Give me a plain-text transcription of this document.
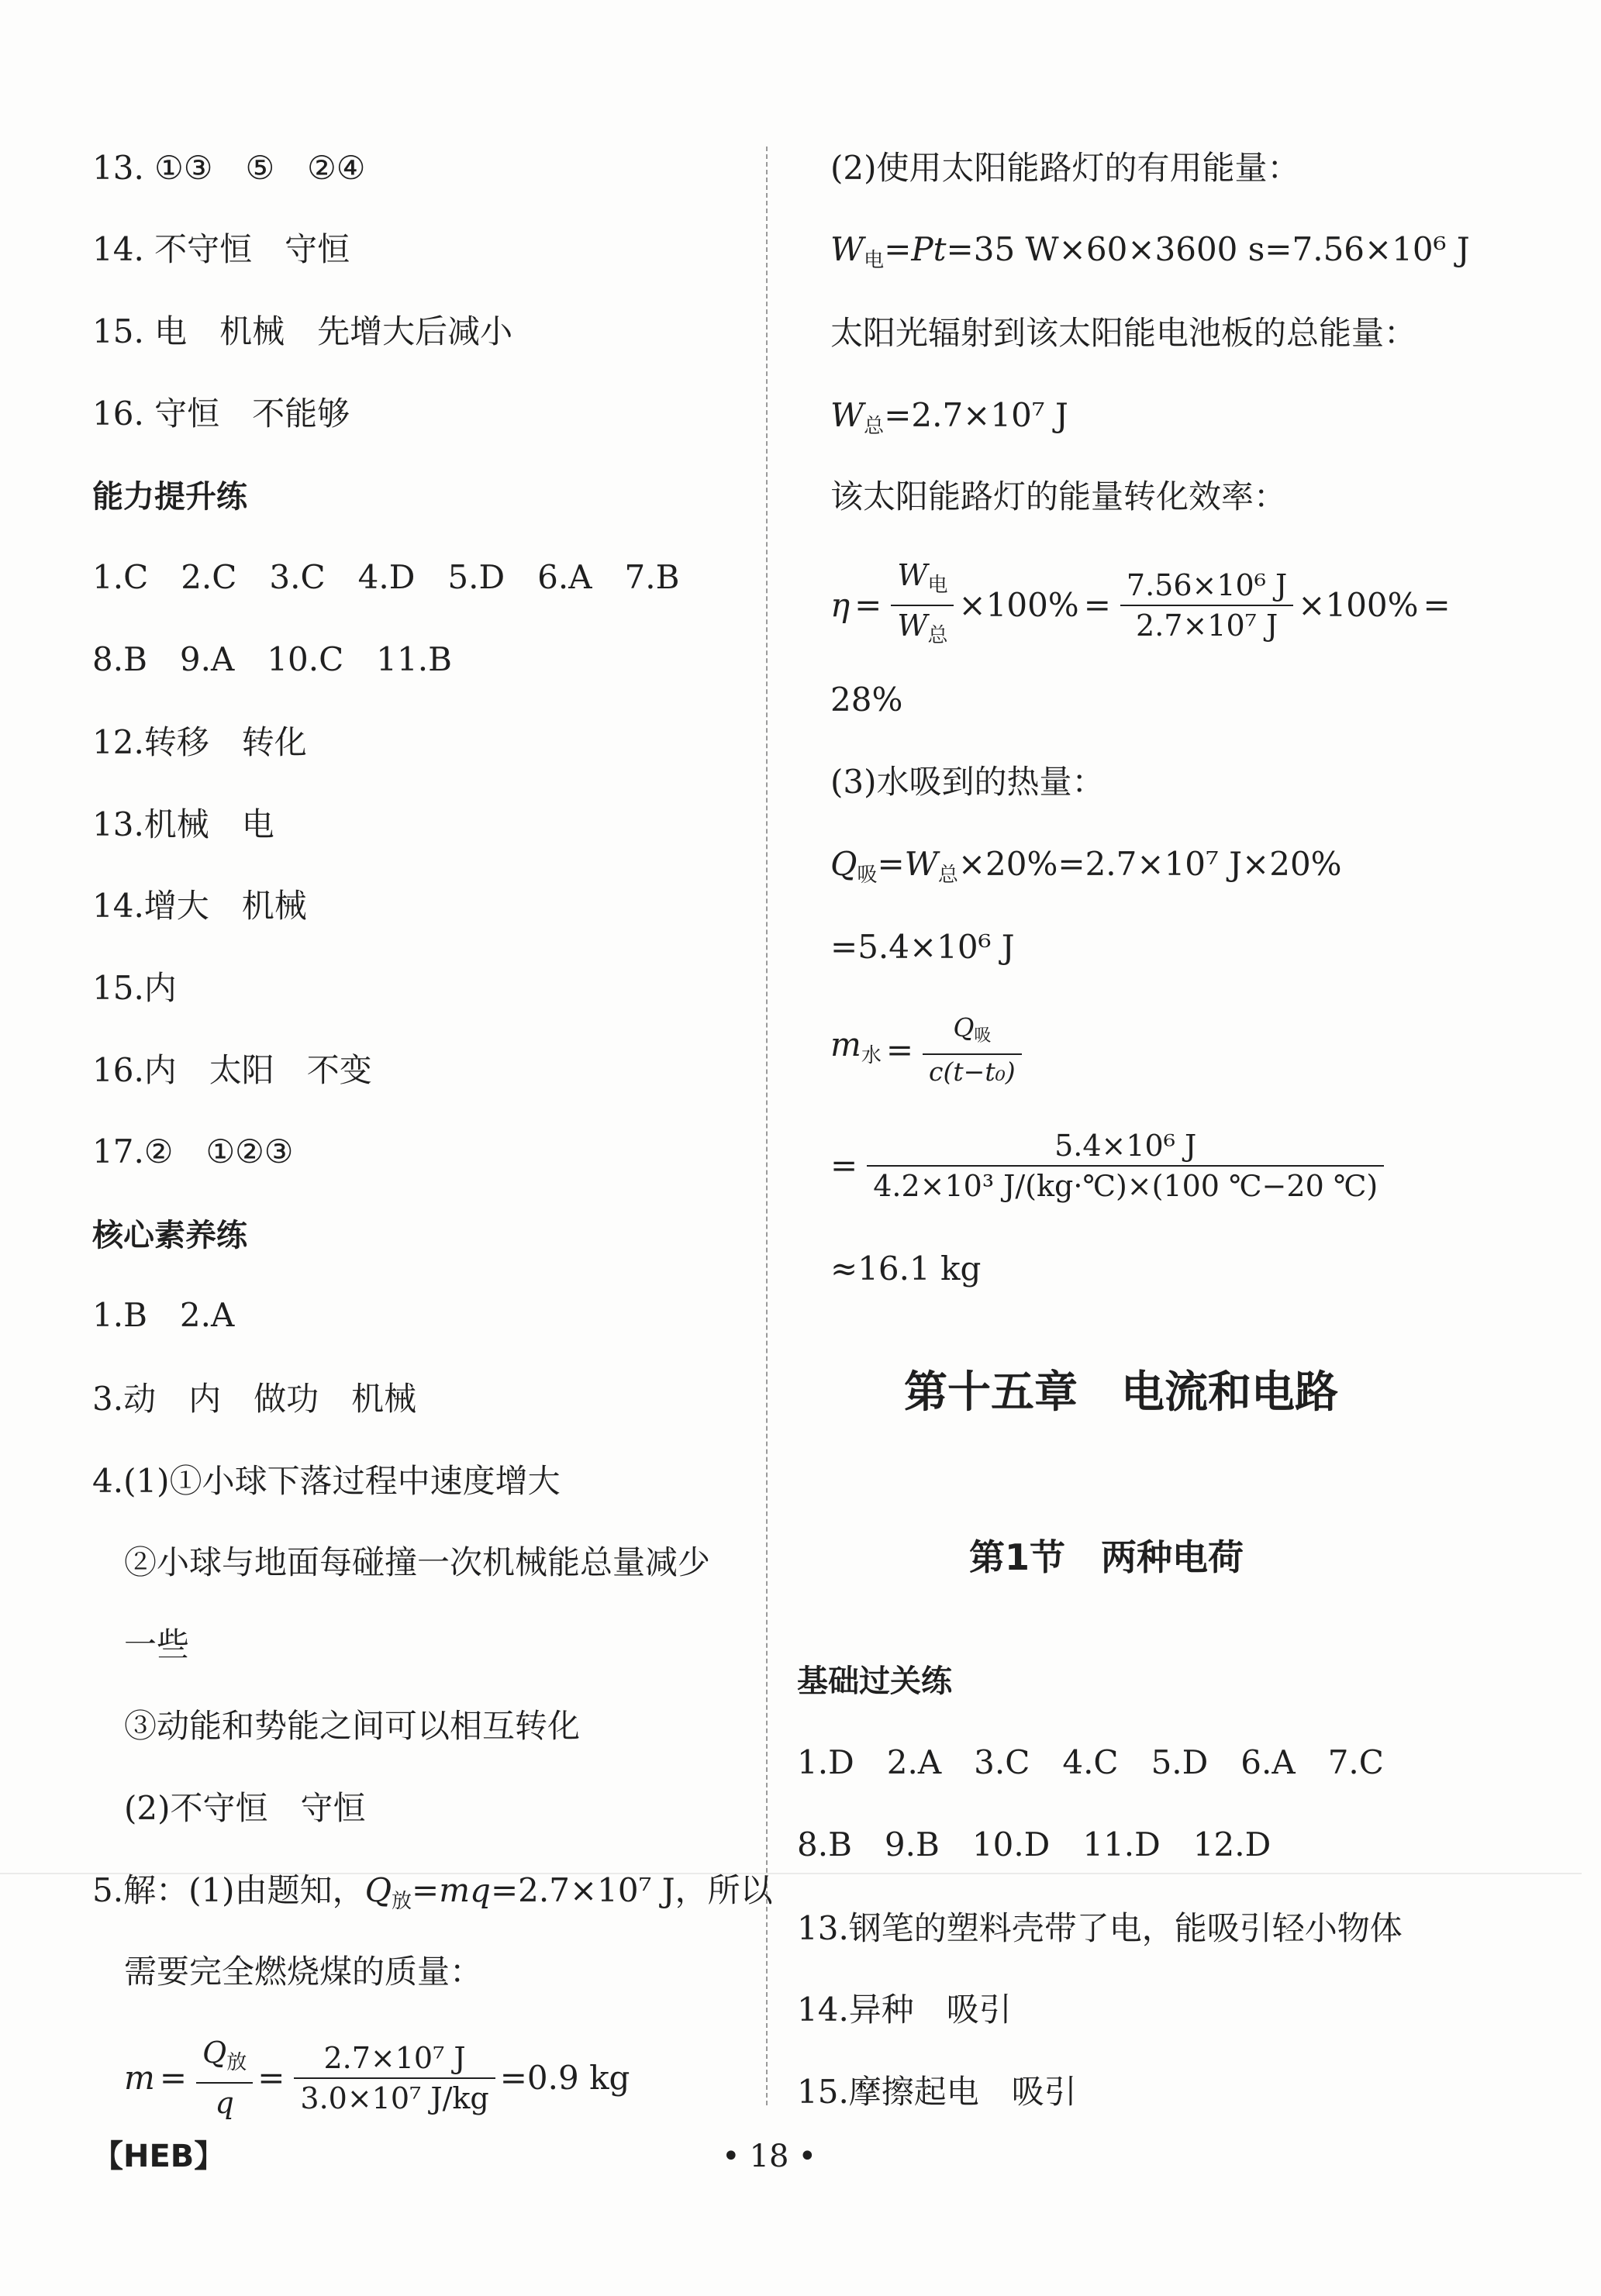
13. ①③　⑤　②④
14. 不守恒　守恒
15. 电　机械　先增大后减小
16. 守恒　不能够
能力提升练
1.C　2.C　3.C　4.D　5.D　6.A　7.B
8.B　9.A　10.C　11.B
12.转移　转化
13.机械　电
14.增大　机械
15.内
16.内　太阳　不变
17.②　①②③
核心素养练
1.B　2.A
3.动　内　做功　机械
4.(1)①小球下落过程中速度增大
②小球与地面每碰撞一次机械能总量减少
一些
③动能和势能之间可以相互转化
(2)不守恒　守恒
5.解：(1)由题知，$Q_放=mq=2.7\times 10^7$ J，所以
需要完全燃烧煤的质量：
$m = \frac{Q_放}{q} = \frac{\text{2.7×10⁷ J}}{\text{3.0×10⁷ J/kg}} =0.9$ kg
(2)使用太阳能路灯的有用能量：
$W_电=Pt=35$ W×60×3600 s=7.56×10⁶ J
太阳光辐射到该太阳能电池板的总能量：
$W_总=2.7\times 10^7$ J
该太阳能路灯的能量转化效率：
$\eta = \frac{W_电}{W_总} \times 100\% = \frac{\text{7.56×10⁶ J}}{\text{2.7×10⁷ J}} \times 100\%$ =
28%
(3)水吸到的热量：
$Q_吸=W_总\times 20\%=2.7\times 10^7$ J×20%
=5.4×10⁶ J
$m_水 = \frac{Q_吸}{\text{c(t−t₀)}}$
= $\frac{\text{5.4×10⁶ J}}{\text{4.2×10³ J/(kg·℃)×(100 ℃−20 ℃)}}$
≈16.1 kg
第十五章　电流和电路
第1节　两种电荷
基础过关练
1.D　2.A　3.C　4.C　5.D　6.A　7.C
8.B　9.B　10.D　11.D　12.D
13.钢笔的塑料壳带了电，能吸引轻小物体
14.异种　吸引
15.摩擦起电　吸引
【HEB】	• 18 •
